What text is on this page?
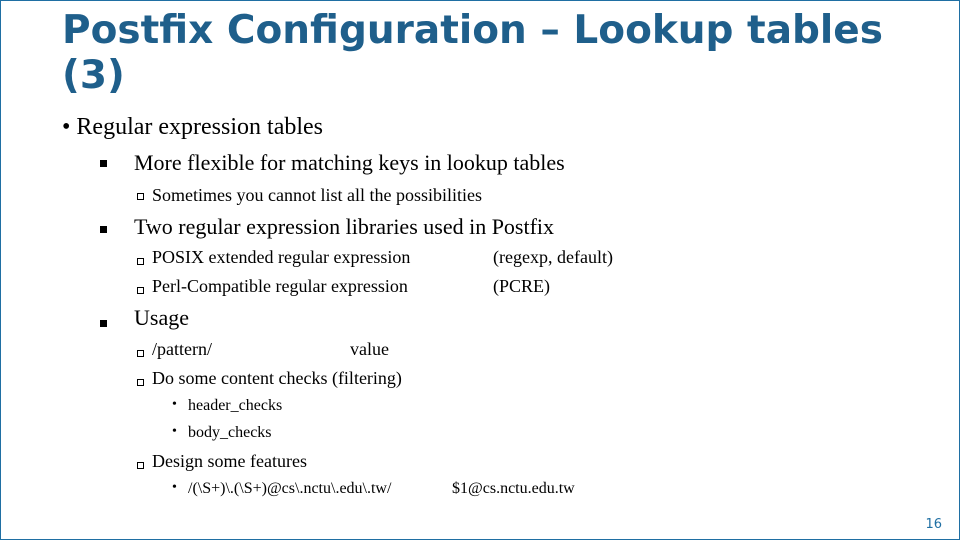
Postfix Configuration – Lookup tables (3)
• Regular expression tables
More flexible for matching keys in lookup tables
Sometimes you cannot list all the possibilities
Two regular expression libraries used in Postfix
POSIX extended regular expression	(regexp, default)
Perl-Compatible regular expression	(PCRE)
Usage
/pattern/	value
Do some content checks (filtering)
• header_checks
• body_checks
Design some features
• /(\S+)\.(\S+)@cs\.nctu\.edu\.tw/	$1@cs.nctu.edu.tw
16
